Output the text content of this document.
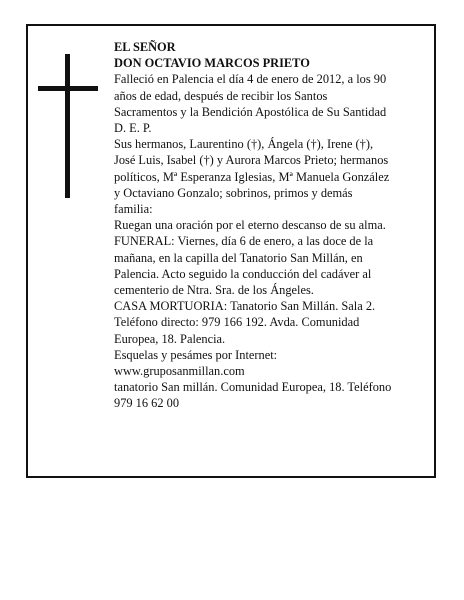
EL SEÑOR
DON OCTAVIO MARCOS PRIETO
Falleció en Palencia el día 4 de enero de 2012, a los 90
años de edad, después de recibir los Santos
Sacramentos y la Bendición Apostólica de Su Santidad
D. E. P.
Sus hermanos, Laurentino (†), Ángela (†), Irene (†),
José Luis, Isabel (†) y Aurora Marcos Prieto; hermanos
políticos, Mª Esperanza Iglesias, Mª Manuela González
y Octaviano Gonzalo; sobrinos, primos y demás
familia:
Ruegan una oración por el eterno descanso de su alma.
FUNERAL: Viernes, día 6 de enero, a las doce de la
mañana, en la capilla del Tanatorio San Millán, en
Palencia. Acto seguido la conducción del cadáver al
cementerio de Ntra. Sra. de los Ángeles.
CASA MORTUORIA: Tanatorio San Millán. Sala 2.
Teléfono directo: 979 166 192. Avda. Comunidad
Europea, 18. Palencia.
Esquelas y pesámes por Internet:
www.gruposanmillan.com
tanatorio San millán. Comunidad Europea, 18. Teléfono
979 16 62 00
